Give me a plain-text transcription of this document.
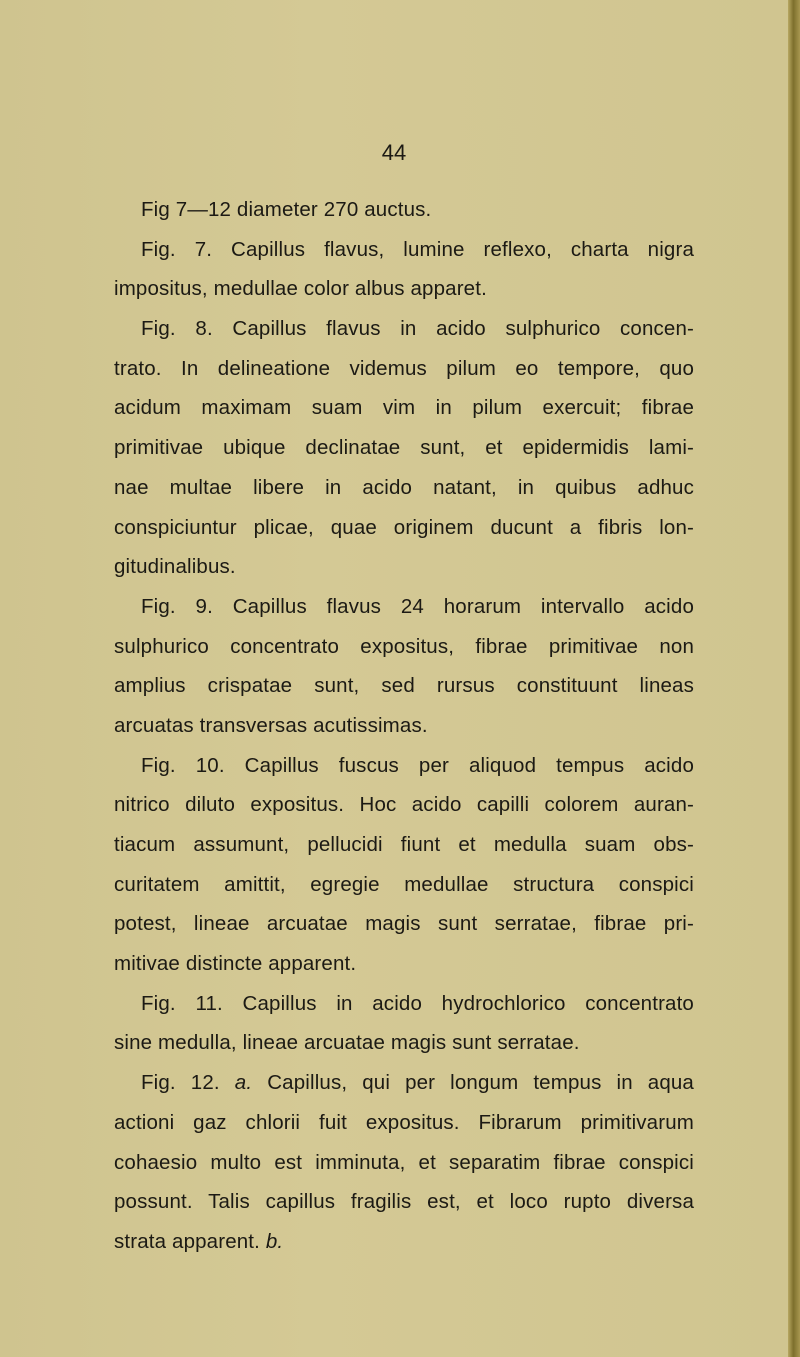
44
Fig 7—12 diameter 270 auctus.
Fig. 7. Capillus flavus, lumine reflexo, charta nigra
impositus, medullae color albus apparet.
Fig. 8. Capillus flavus in acido sulphurico concen-
trato. In delineatione videmus pilum eo tempore, quo
acidum maximam suam vim in pilum exercuit; fibrae
primitivae ubique declinatae sunt, et epidermidis lami-
nae multae libere in acido natant, in quibus adhuc
conspiciuntur plicae, quae originem ducunt a fibris lon-
gitudinalibus.
Fig. 9. Capillus flavus 24 horarum intervallo acido
sulphurico concentrato expositus, fibrae primitivae non
amplius crispatae sunt, sed rursus constituunt lineas
arcuatas transversas acutissimas.
Fig. 10. Capillus fuscus per aliquod tempus acido
nitrico diluto expositus. Hoc acido capilli colorem auran-
tiacum assumunt, pellucidi fiunt et medulla suam obs-
curitatem amittit, egregie medullae structura conspici
potest, lineae arcuatae magis sunt serratae, fibrae pri-
mitivae distincte apparent.
Fig. 11. Capillus in acido hydrochlorico concentrato
sine medulla, lineae arcuatae magis sunt serratae.
Fig. 12. a. Capillus, qui per longum tempus in aqua
actioni gaz chlorii fuit expositus. Fibrarum primitivarum
cohaesio multo est imminuta, et separatim fibrae conspici
possunt. Talis capillus fragilis est, et loco rupto diversa
strata apparent. b.
